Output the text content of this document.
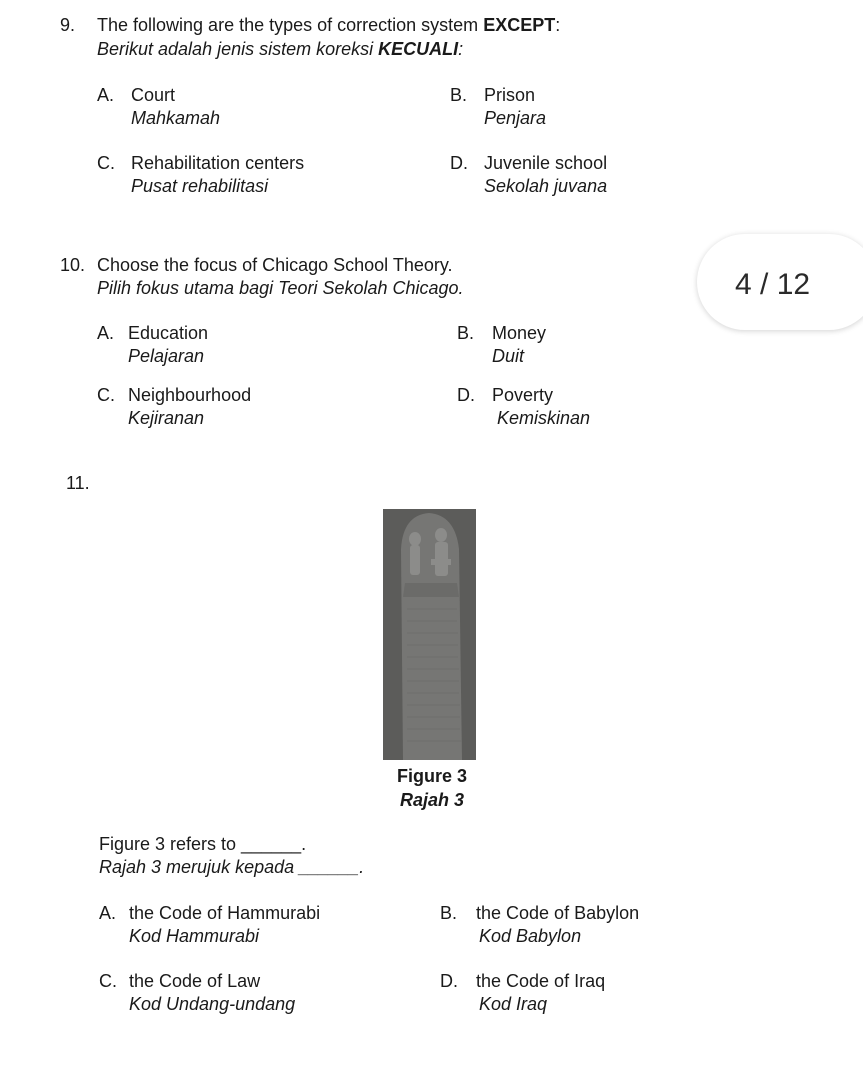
9. The following are the types of correction system EXCEPT:
Berikut adalah jenis sistem koreksi KECUALI:
A. Court
Mahkamah
B. Prison
Penjara
C. Rehabilitation centers
Pusat rehabilitasi
D. Juvenile school
Sekolah juvana
10. Choose the focus of Chicago School Theory.
Pilih fokus utama bagi Teori Sekolah Chicago.
A. Education
Pelajaran
B. Money
Duit
C. Neighbourhood
Kejiranan
D. Poverty
Kemiskinan
4 / 12
11.
Figure 3
Rajah 3
Figure 3 refers to ______.
Rajah 3 merujuk kepada ______.
A. the Code of Hammurabi
Kod Hammurabi
B. the Code of Babylon
Kod Babylon
C. the Code of Law
Kod Undang-undang
D. the Code of Iraq
Kod Iraq
